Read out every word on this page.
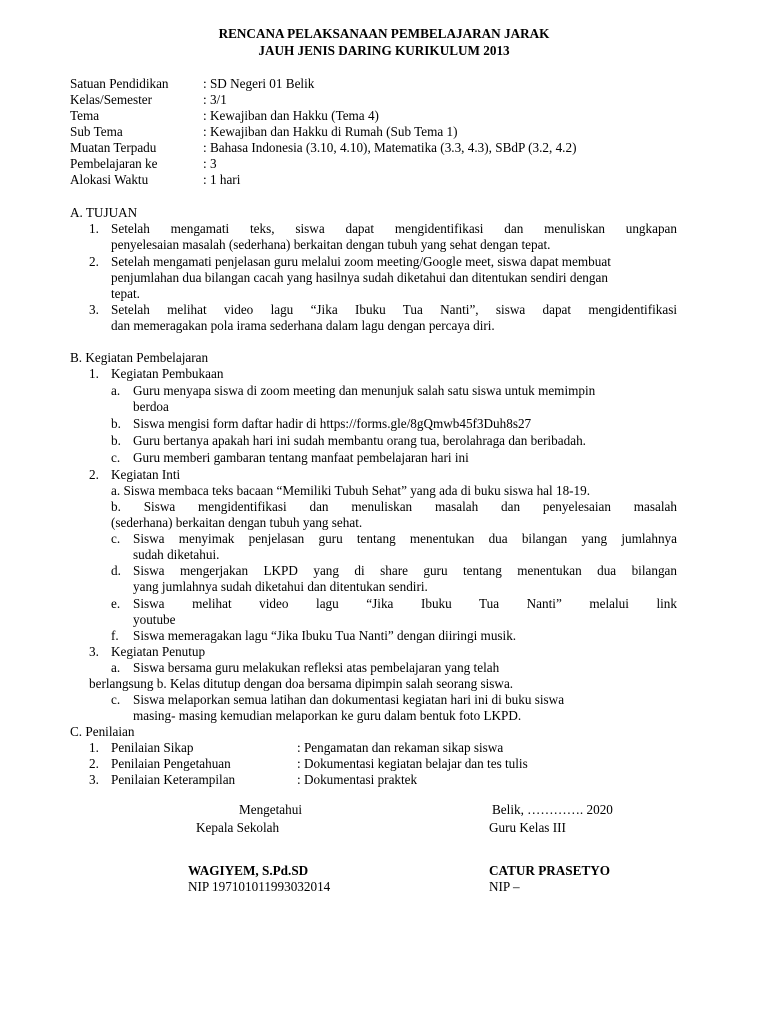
RENCANA PELAKSANAAN PEMBELAJARAN JARAK
JAUH JENIS DARING KURIKULUM 2013
Satuan Pendidikan	: SD Negeri 01 Belik
Kelas/Semester	: 3/1
Tema	: Kewajiban dan Hakku (Tema 4)
Sub Tema	: Kewajiban dan Hakku di Rumah (Sub Tema 1)
Muatan Terpadu	: Bahasa Indonesia (3.10, 4.10), Matematika (3.3, 4.3), SBdP (3.2, 4.2)
Pembelajaran ke	: 3
Alokasi Waktu	: 1 hari
A. TUJUAN
1. Setelah mengamati teks, siswa dapat mengidentifikasi dan menuliskan ungkapan
penyelesaian masalah (sederhana) berkaitan dengan tubuh yang sehat dengan tepat.
2. Setelah mengamati penjelasan guru melalui zoom meeting/Google meet, siswa dapat membuat
penjumlahan dua bilangan cacah yang hasilnya sudah diketahui dan ditentukan sendiri dengan
tepat.
3. Setelah melihat video lagu “Jika Ibuku Tua Nanti”, siswa dapat mengidentifikasi
dan memeragakan pola irama sederhana dalam lagu dengan percaya diri.
B. Kegiatan Pembelajaran
1. Kegiatan Pembukaan
a. Guru menyapa siswa di zoom meeting dan menunjuk salah satu siswa untuk memimpin
berdoa
b. Siswa mengisi form daftar hadir di https://forms.gle/8gQmwb45f3Duh8s27
b. Guru bertanya apakah hari ini sudah membantu orang tua, berolahraga dan beribadah.
c. Guru memberi gambaran tentang manfaat pembelajaran hari ini
2. Kegiatan Inti
a. Siswa membaca teks bacaan “Memiliki Tubuh Sehat” yang ada di buku siswa hal 18-19.
b. Siswa mengidentifikasi dan menuliskan masalah dan penyelesaian masalah
(sederhana) berkaitan dengan tubuh yang sehat.
c. Siswa menyimak penjelasan guru tentang menentukan dua bilangan yang jumlahnya
sudah diketahui.
d. Siswa mengerjakan LKPD yang di share guru tentang menentukan dua bilangan
yang jumlahnya sudah diketahui dan ditentukan sendiri.
e. Siswa melihat video lagu “Jika Ibuku Tua Nanti” melalui link
youtube
f. Siswa memeragakan lagu “Jika Ibuku Tua Nanti” dengan diiringi musik.
3. Kegiatan Penutup
a. Siswa bersama guru melakukan refleksi atas pembelajaran yang telah
berlangsung b. Kelas ditutup dengan doa bersama dipimpin salah seorang siswa.
c. Siswa melaporkan semua latihan dan dokumentasi kegiatan hari ini di buku siswa
masing- masing kemudian melaporkan ke guru dalam bentuk foto LKPD.
C. Penilaian
1. Penilaian Sikap	: Pengamatan dan rekaman sikap siswa
2. Penilaian Pengetahuan	: Dokumentasi kegiatan belajar dan tes tulis
3. Penilaian Keterampilan	: Dokumentasi praktek
Mengetahui
Kepala Sekolah
WAGIYEM, S.Pd.SD
NIP 197101011993032014
Belik, …………. 2020
Guru Kelas III
CATUR PRASETYO
NIP –
